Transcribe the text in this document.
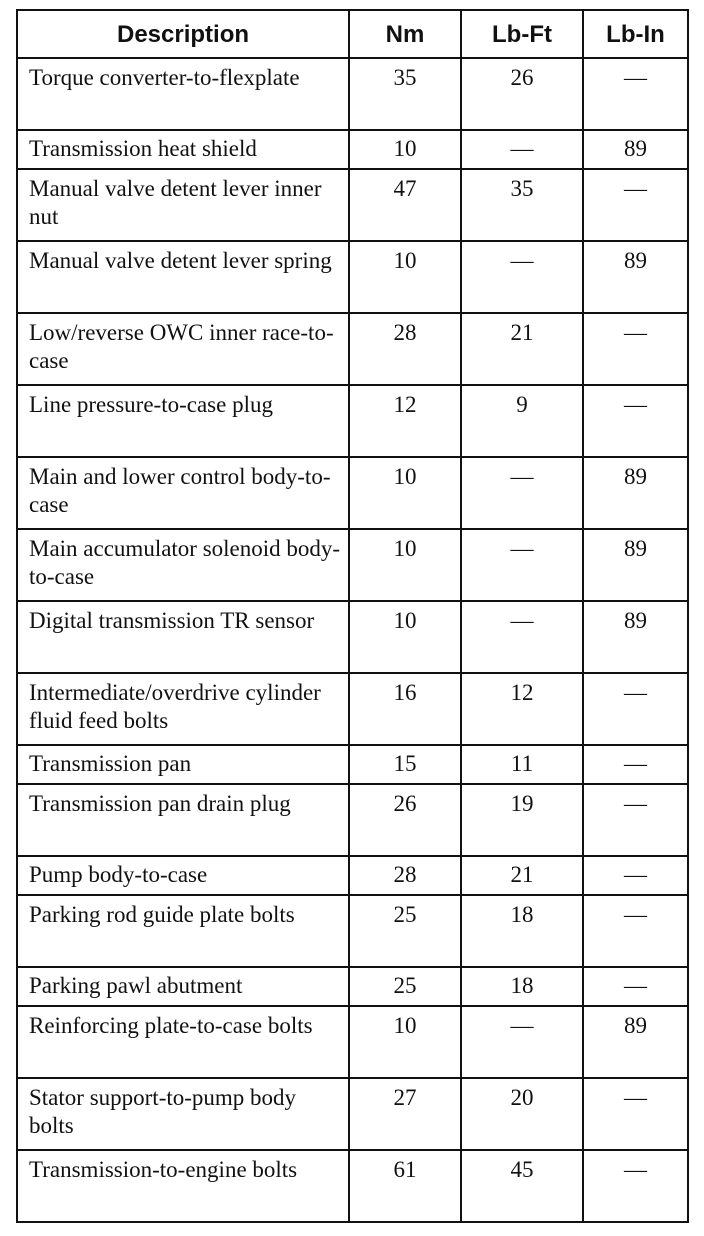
Description	Nm	Lb-Ft	Lb-In
Torque converter-to-flexplate	35	26	—
Transmission heat shield	10	—	89
Manual valve detent lever inner nut	47	35	—
Manual valve detent lever spring	10	—	89
Low/reverse OWC inner race-to-case	28	21	—
Line pressure-to-case plug	12	9	—
Main and lower control body-to-case	10	—	89
Main accumulator solenoid body-to-case	10	—	89
Digital transmission TR sensor	10	—	89
Intermediate/overdrive cylinder fluid feed bolts	16	12	—
Transmission pan	15	11	—
Transmission pan drain plug	26	19	—
Pump body-to-case	28	21	—
Parking rod guide plate bolts	25	18	—
Parking pawl abutment	25	18	—
Reinforcing plate-to-case bolts	10	—	89
Stator support-to-pump body bolts	27	20	—
Transmission-to-engine bolts	61	45	—
